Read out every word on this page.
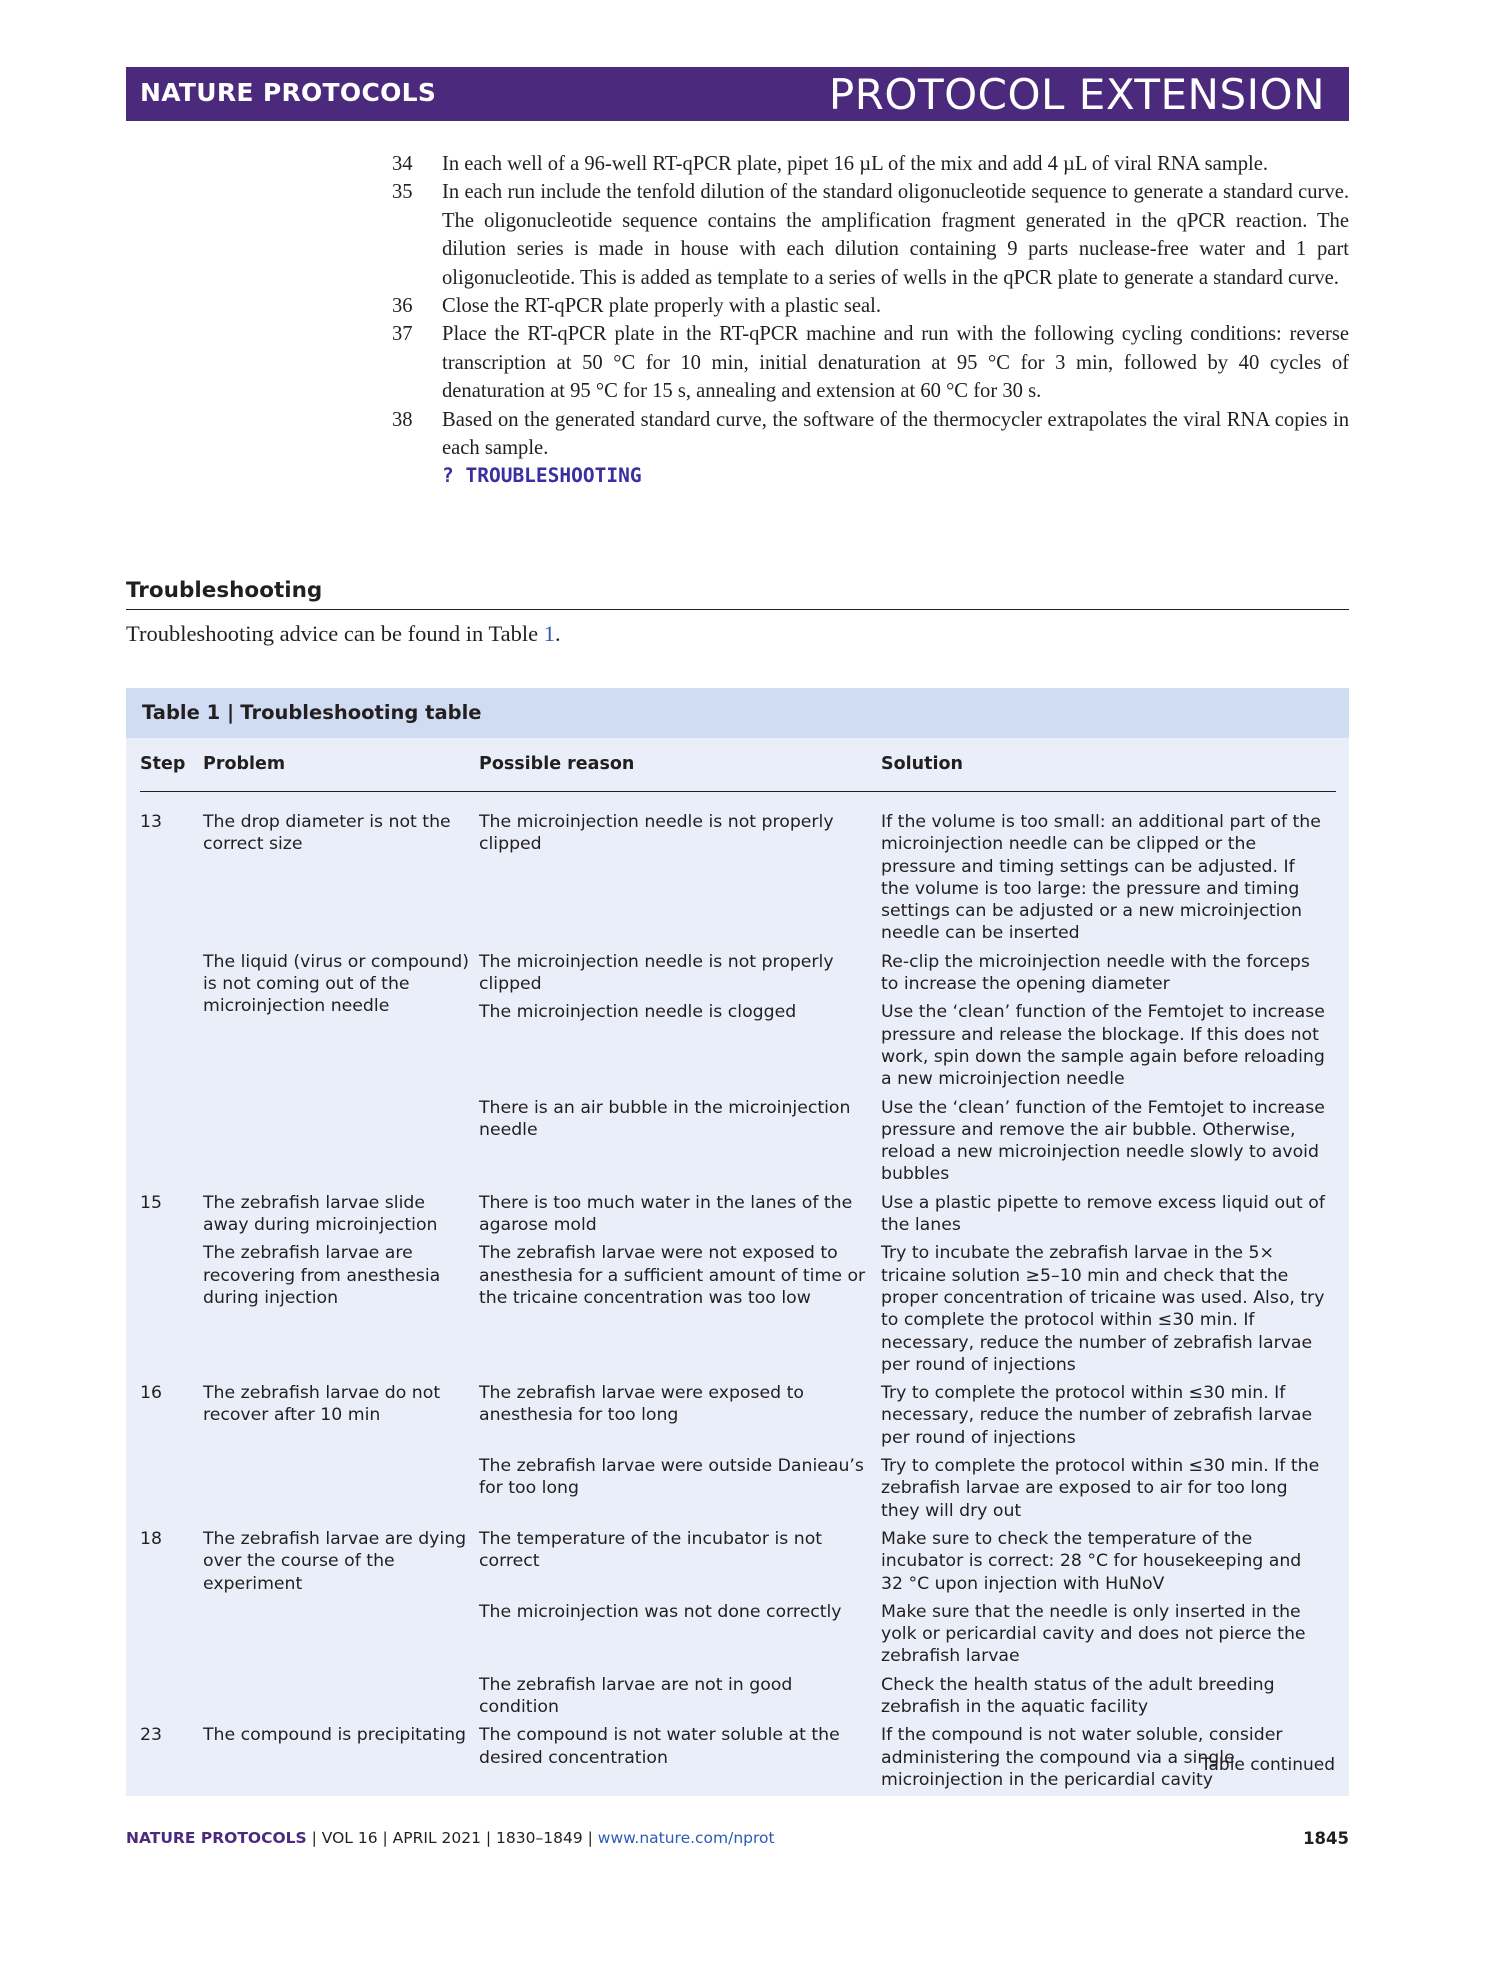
NATURE PROTOCOLS	PROTOCOL EXTENSION
34	In each well of a 96-well RT-qPCR plate, pipet 16 µL of the mix and add 4 µL of viral RNA sample.
35	In each run include the tenfold dilution of the standard oligonucleotide sequence to generate a standard curve. The oligonucleotide sequence contains the amplification fragment generated in the qPCR reaction. The dilution series is made in house with each dilution containing 9 parts nuclease-free water and 1 part oligonucleotide. This is added as template to a series of wells in the qPCR plate to generate a standard curve.
36	Close the RT-qPCR plate properly with a plastic seal.
37	Place the RT-qPCR plate in the RT-qPCR machine and run with the following cycling conditions: reverse transcription at 50 °C for 10 min, initial denaturation at 95 °C for 3 min, followed by 40 cycles of denaturation at 95 °C for 15 s, annealing and extension at 60 °C for 30 s.
38	Based on the generated standard curve, the software of the thermocycler extrapolates the viral RNA copies in each sample.
? TROUBLESHOOTING
Troubleshooting
Troubleshooting advice can be found in Table 1.
Table 1 | Troubleshooting table
Step	Problem	Possible reason	Solution
13	The drop diameter is not the correct size	The microinjection needle is not properly clipped	If the volume is too small: an additional part of the microinjection needle can be clipped or the pressure and timing settings can be adjusted. If the volume is too large: the pressure and timing settings can be adjusted or a new microinjection needle can be inserted
	The liquid (virus or compound) is not coming out of the microinjection needle	The microinjection needle is not properly clipped	Re-clip the microinjection needle with the forceps to increase the opening diameter
		The microinjection needle is clogged	Use the ‘clean’ function of the Femtojet to increase pressure and release the blockage. If this does not work, spin down the sample again before reloading a new microinjection needle
		There is an air bubble in the microinjection needle	Use the ‘clean’ function of the Femtojet to increase pressure and remove the air bubble. Otherwise, reload a new microinjection needle slowly to avoid bubbles
15	The zebrafish larvae slide away during microinjection	There is too much water in the lanes of the agarose mold	Use a plastic pipette to remove excess liquid out of the lanes
	The zebrafish larvae are recovering from anesthesia during injection	The zebrafish larvae were not exposed to anesthesia for a sufficient amount of time or the tricaine concentration was too low	Try to incubate the zebrafish larvae in the 5× tricaine solution ≥5–10 min and check that the proper concentration of tricaine was used. Also, try to complete the protocol within ≤30 min. If necessary, reduce the number of zebrafish larvae per round of injections
16	The zebrafish larvae do not recover after 10 min	The zebrafish larvae were exposed to anesthesia for too long	Try to complete the protocol within ≤30 min. If necessary, reduce the number of zebrafish larvae per round of injections
		The zebrafish larvae were outside Danieau’s for too long	Try to complete the protocol within ≤30 min. If the zebrafish larvae are exposed to air for too long they will dry out
18	The zebrafish larvae are dying over the course of the experiment	The temperature of the incubator is not correct	Make sure to check the temperature of the incubator is correct: 28 °C for housekeeping and 32 °C upon injection with HuNoV
		The microinjection was not done correctly	Make sure that the needle is only inserted in the yolk or pericardial cavity and does not pierce the zebrafish larvae
		The zebrafish larvae are not in good condition	Check the health status of the adult breeding zebrafish in the aquatic facility
23	The compound is precipitating	The compound is not water soluble at the desired concentration	If the compound is not water soluble, consider administering the compound via a single microinjection in the pericardial cavity
Table continued
NATURE PROTOCOLS | VOL 16 | APRIL 2021 | 1830–1849 | www.nature.com/nprot	1845
